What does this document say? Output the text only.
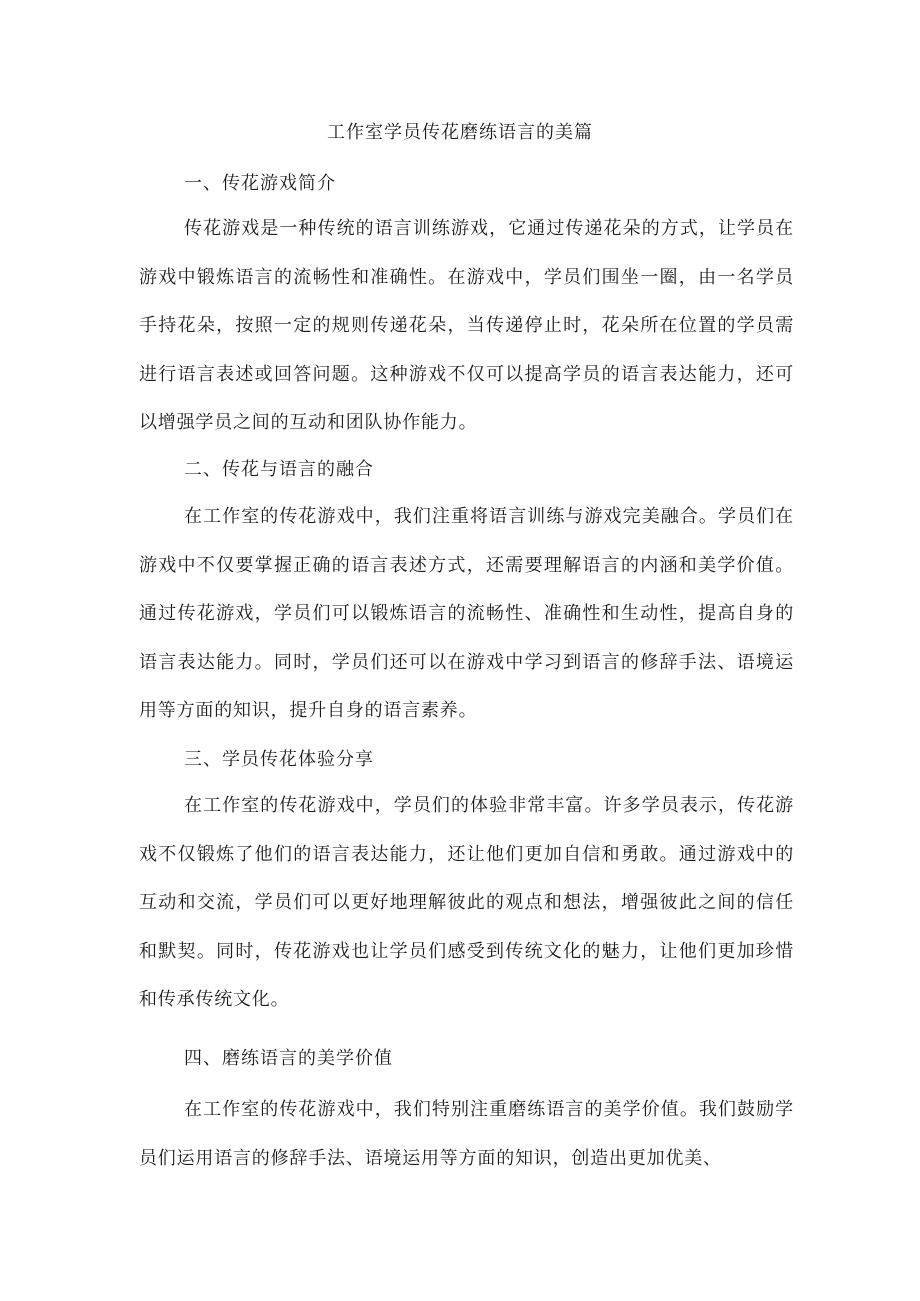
工作室学员传花磨练语言的美篇
一、传花游戏简介

传花游戏是一种传统的语言训练游戏，它通过传递花朵的方式，让学员在游戏中锻炼语言的流畅性和准确性。在游戏中，学员们围坐一圈，由一名学员手持花朵，按照一定的规则传递花朵，当传递停止时，花朵所在位置的学员需进行语言表述或回答问题。这种游戏不仅可以提高学员的语言表达能力，还可以增强学员之间的互动和团队协作能力。

二、传花与语言的融合

在工作室的传花游戏中，我们注重将语言训练与游戏完美融合。学员们在游戏中不仅要掌握正确的语言表述方式，还需要理解语言的内涵和美学价值。通过传花游戏，学员们可以锻炼语言的流畅性、准确性和生动性，提高自身的语言表达能力。同时，学员们还可以在游戏中学习到语言的修辞手法、语境运用等方面的知识，提升自身的语言素养。

三、学员传花体验分享

在工作室的传花游戏中，学员们的体验非常丰富。许多学员表示，传花游戏不仅锻炼了他们的语言表达能力，还让他们更加自信和勇敢。通过游戏中的互动和交流，学员们可以更好地理解彼此的观点和想法，增强彼此之间的信任和默契。同时，传花游戏也让学员们感受到传统文化的魅力，让他们更加珍惜和传承传统文化。

四、磨练语言的美学价值

在工作室的传花游戏中，我们特别注重磨练语言的美学价值。我们鼓励学员们运用语言的修辞手法、语境运用等方面的知识，创造出更加优美、
